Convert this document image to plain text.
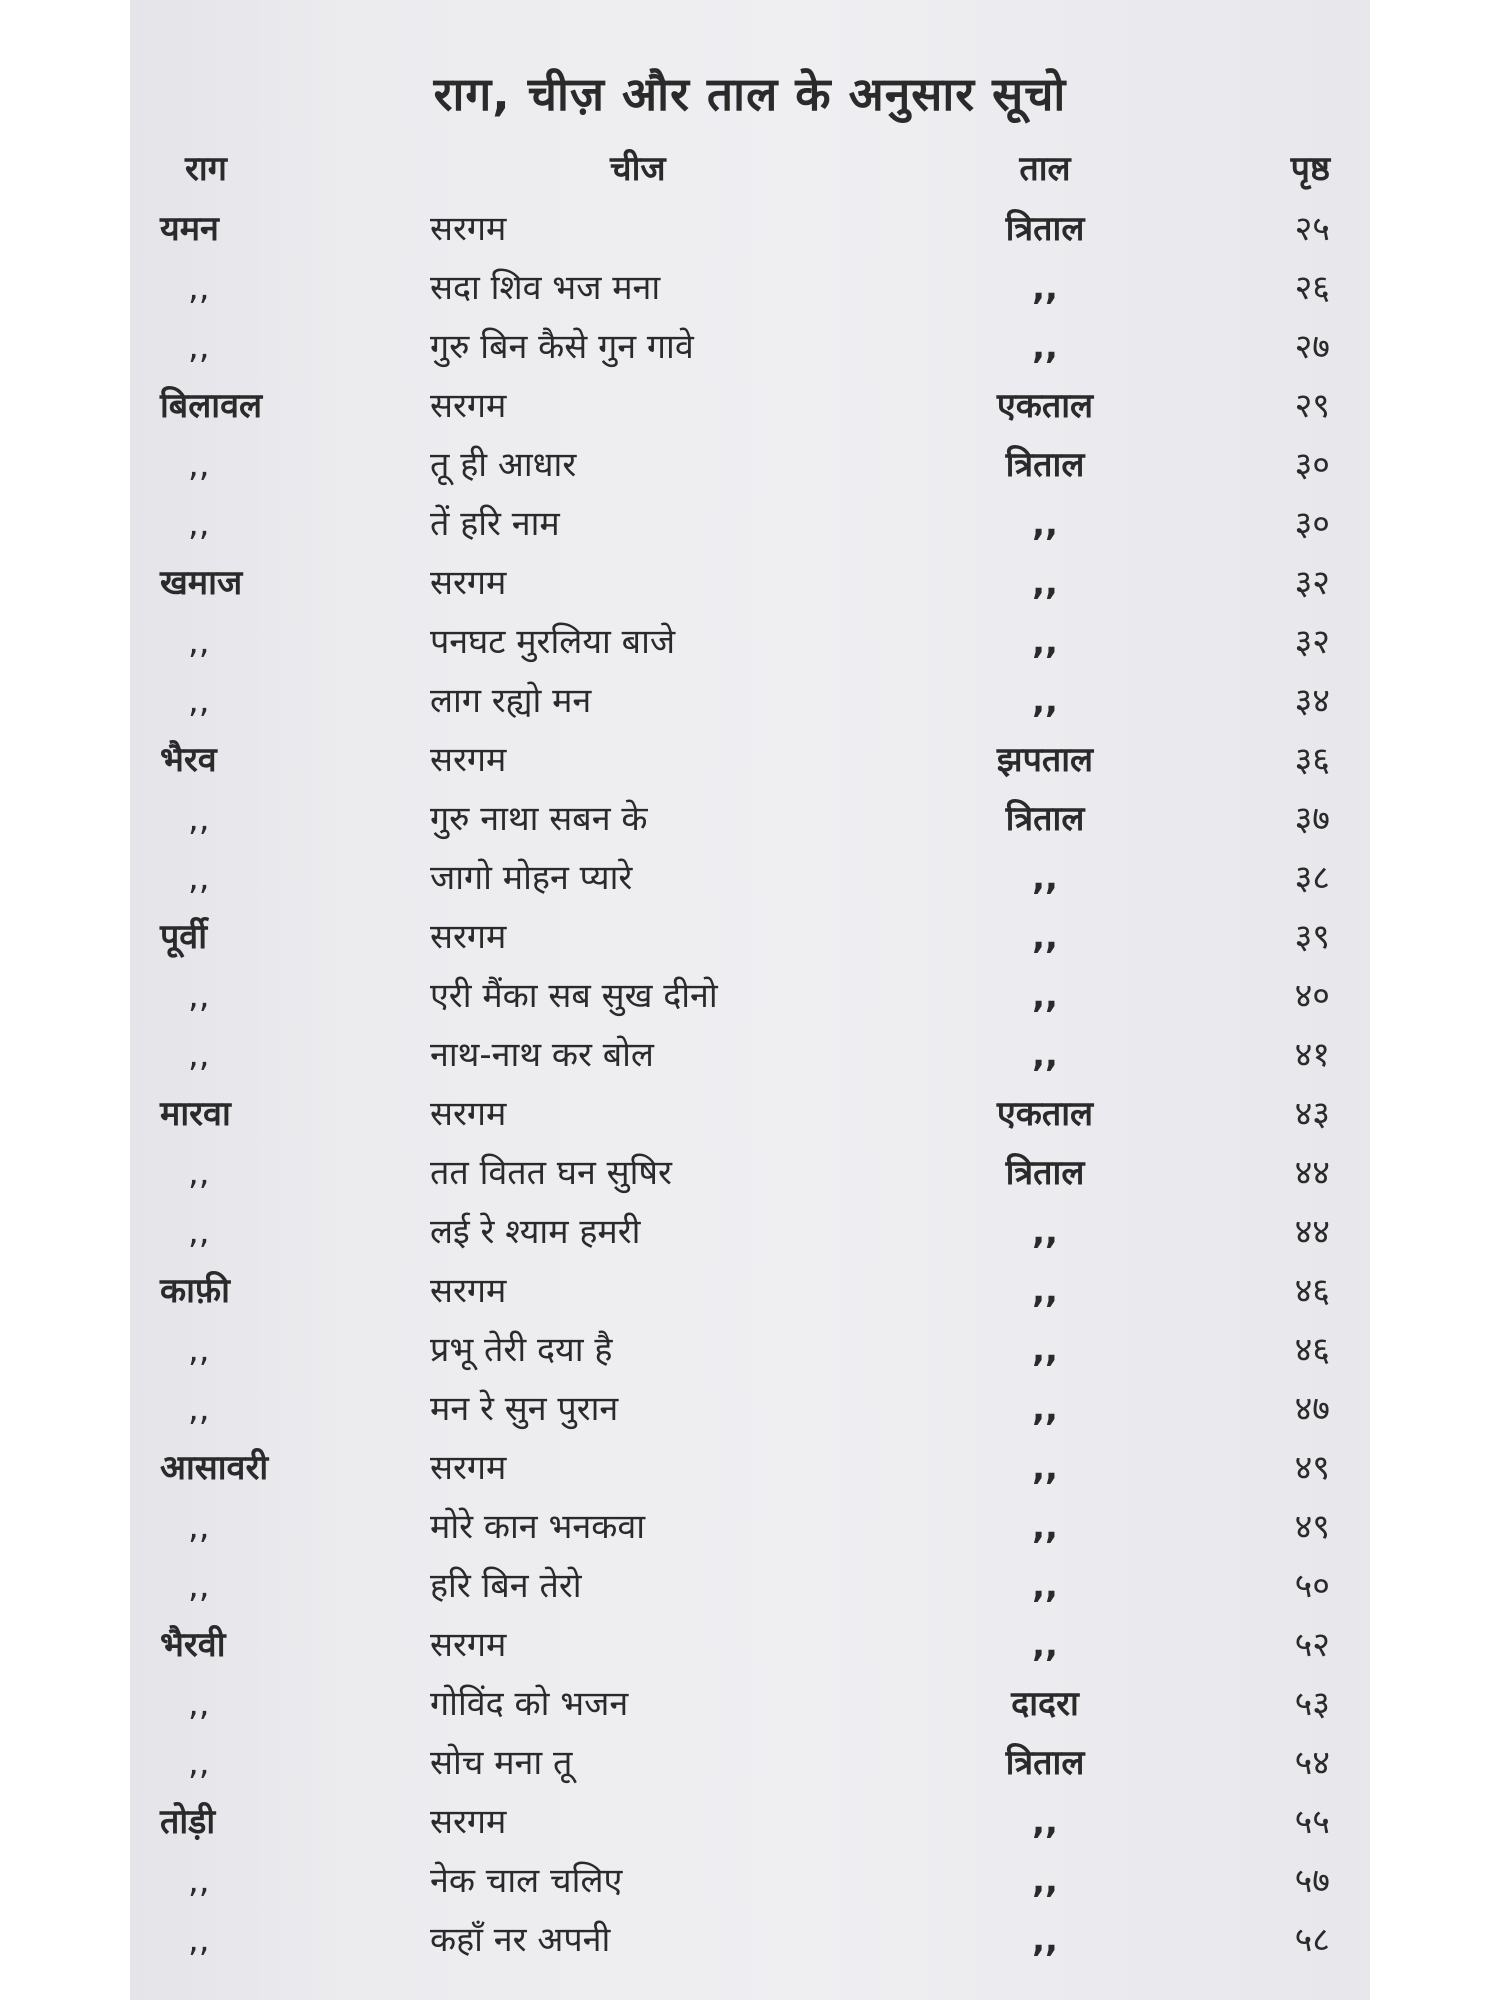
राग, चीज़ और ताल के अनुसार सूचो
राग	चीज	ताल	पृष्ठ
यमन	सरगम	त्रिताल	२५
,,	सदा शिव भज मना	,,	२६
,,	गुरु बिन कैसे गुन गावे	,,	२७
बिलावल	सरगम	एकताल	२९
,,	तू ही आधार	त्रिताल	३०
,,	तें हरि नाम	,,	३०
खमाज	सरगम	,,	३२
,,	पनघट मुरलिया बाजे	,,	३२
,,	लाग रह्यो मन	,,	३४
भैरव	सरगम	झपताल	३६
,,	गुरु नाथा सबन के	त्रिताल	३७
,,	जागो मोहन प्यारे	,,	३८
पूर्वी	सरगम	,,	३९
,,	एरी मैंका सब सुख दीनो	,,	४०
,,	नाथ-नाथ कर बोल	,,	४१
मारवा	सरगम	एकताल	४३
,,	तत वितत घन सुषिर	त्रिताल	४४
,,	लई रे श्याम हमरी	,,	४४
काफ़ी	सरगम	,,	४६
,,	प्रभू तेरी दया है	,,	४६
,,	मन रे सुन पुरान	,,	४७
आसावरी	सरगम	,,	४९
,,	मोरे कान भनकवा	,,	४९
,,	हरि बिन तेरो	,,	५०
भैरवी	सरगम	,,	५२
,,	गोविंद को भजन	दादरा	५३
,,	सोच मना तू	त्रिताल	५४
तोड़ी	सरगम	,,	५५
,,	नेक चाल चलिए	,,	५७
,,	कहाँ नर अपनी	,,	५८
